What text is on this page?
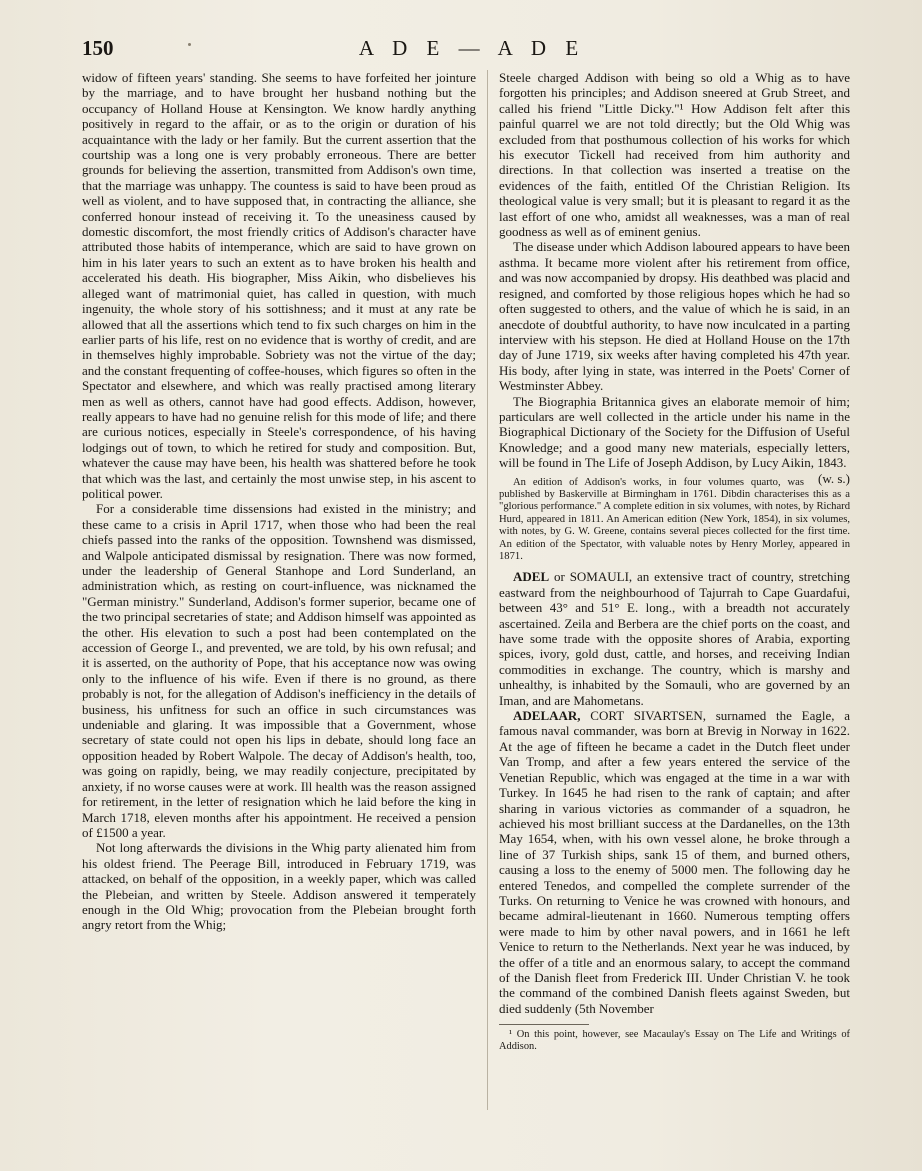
150	A D E — A D E

widow of fifteen years' standing. She seems to have forfeited her jointure by the marriage, and to have brought her husband nothing but the occupancy of Holland House at Kensington. We know hardly anything positively in regard to the affair, or as to the origin or duration of his acquaintance with the lady or her family. But the current assertion that the courtship was a long one is very probably erroneous. There are better grounds for believing the assertion, transmitted from Addison's own time, that the marriage was unhappy. The countess is said to have been proud as well as violent, and to have supposed that, in contracting the alliance, she conferred honour instead of receiving it. To the uneasiness caused by domestic discomfort, the most friendly critics of Addison's character have attributed those habits of intemperance, which are said to have grown on him in his later years to such an extent as to have broken his health and accelerated his death. His biographer, Miss Aikin, who disbelieves his alleged want of matrimonial quiet, has called in question, with much ingenuity, the whole story of his sottishness; and it must at any rate be allowed that all the assertions which tend to fix such charges on him in the earlier parts of his life, rest on no evidence that is worthy of credit, and are in themselves highly improbable. Sobriety was not the virtue of the day; and the constant frequenting of coffee-houses, which figures so often in the Spectator and elsewhere, and which was really practised among literary men as well as others, cannot have had good effects. Addison, however, really appears to have had no genuine relish for this mode of life; and there are curious notices, especially in Steele's correspondence, of his having lodgings out of town, to which he retired for study and composition. But, whatever the cause may have been, his health was shattered before he took that which was the last, and certainly the most unwise step, in his ascent to political power.

For a considerable time dissensions had existed in the ministry; and these came to a crisis in April 1717, when those who had been the real chiefs passed into the ranks of the opposition. Townshend was dismissed, and Walpole anticipated dismissal by resignation. There was now formed, under the leadership of General Stanhope and Lord Sunderland, an administration which, as resting on court-influence, was nicknamed the "German ministry." Sunderland, Addison's former superior, became one of the two principal secretaries of state; and Addison himself was appointed as the other. His elevation to such a post had been contemplated on the accession of George I., and prevented, we are told, by his own refusal; and it is asserted, on the authority of Pope, that his acceptance now was owing only to the influence of his wife. Even if there is no ground, as there probably is not, for the allegation of Addison's inefficiency in the details of business, his unfitness for such an office in such circumstances was undeniable and glaring. It was impossible that a Government, whose secretary of state could not open his lips in debate, should long face an opposition headed by Robert Walpole. The decay of Addison's health, too, was going on rapidly, being, we may readily conjecture, precipitated by anxiety, if no worse causes were at work. Ill health was the reason assigned for retirement, in the letter of resignation which he laid before the king in March 1718, eleven months after his appointment. He received a pension of £1500 a year.

Not long afterwards the divisions in the Whig party alienated him from his oldest friend. The Peerage Bill, introduced in February 1719, was attacked, on behalf of the opposition, in a weekly paper, which was called the Plebeian, and written by Steele. Addison answered it temperately enough in the Old Whig; provocation from the Plebeian brought forth angry retort from the Whig;

Steele charged Addison with being so old a Whig as to have forgotten his principles; and Addison sneered at Grub Street, and called his friend "Little Dicky."¹ How Addison felt after this painful quarrel we are not told directly; but the Old Whig was excluded from that posthumous collection of his works for which his executor Tickell had received from him authority and directions. In that collection was inserted a treatise on the evidences of the faith, entitled Of the Christian Religion. Its theological value is very small; but it is pleasant to regard it as the last effort of one who, amidst all weaknesses, was a man of real goodness as well as of eminent genius.

The disease under which Addison laboured appears to have been asthma. It became more violent after his retirement from office, and was now accompanied by dropsy. His deathbed was placid and resigned, and comforted by those religious hopes which he had so often suggested to others, and the value of which he is said, in an anecdote of doubtful authority, to have now inculcated in a parting interview with his stepson. He died at Holland House on the 17th day of June 1719, six weeks after having completed his 47th year. His body, after lying in state, was interred in the Poets' Corner of Westminster Abbey.

The Biographia Britannica gives an elaborate memoir of him; particulars are well collected in the article under his name in the Biographical Dictionary of the Society for the Diffusion of Useful Knowledge; and a good many new materials, especially letters, will be found in The Life of Joseph Addison, by Lucy Aikin, 1843.
(w. s.)

An edition of Addison's works, in four volumes quarto, was published by Baskerville at Birmingham in 1761. Dibdin characterises this as a "glorious performance." A complete edition in six volumes, with notes, by Richard Hurd, appeared in 1811. An American edition (New York, 1854), in six volumes, with notes, by G. W. Greene, contains several pieces collected for the first time. An edition of the Spectator, with valuable notes by Henry Morley, appeared in 1871.

ADEL or SOMAULI, an extensive tract of country, stretching eastward from the neighbourhood of Tajurrah to Cape Guardafui, between 43° and 51° E. long., with a breadth not accurately ascertained. Zeila and Berbera are the chief ports on the coast, and have some trade with the opposite shores of Arabia, exporting spices, ivory, gold dust, cattle, and horses, and receiving Indian commodities in exchange. The country, which is marshy and unhealthy, is inhabited by the Somauli, who are governed by an Iman, and are Mahometans.

ADELAAR, CORT SIVARTSEN, surnamed the Eagle, a famous naval commander, was born at Brevig in Norway in 1622. At the age of fifteen he became a cadet in the Dutch fleet under Van Tromp, and after a few years entered the service of the Venetian Republic, which was engaged at the time in a war with Turkey. In 1645 he had risen to the rank of captain; and after sharing in various victories as commander of a squadron, he achieved his most brilliant success at the Dardanelles, on the 13th May 1654, when, with his own vessel alone, he broke through a line of 37 Turkish ships, sank 15 of them, and burned others, causing a loss to the enemy of 5000 men. The following day he entered Tenedos, and compelled the complete surrender of the Turks. On returning to Venice he was crowned with honours, and became admiral-lieutenant in 1660. Numerous tempting offers were made to him by other naval powers, and in 1661 he left Venice to return to the Netherlands. Next year he was induced, by the offer of a title and an enormous salary, to accept the command of the Danish fleet from Frederick III. Under Christian V. he took the command of the combined Danish fleets against Sweden, but died suddenly (5th November

¹ On this point, however, see Macaulay's Essay on The Life and Writings of Addison.
